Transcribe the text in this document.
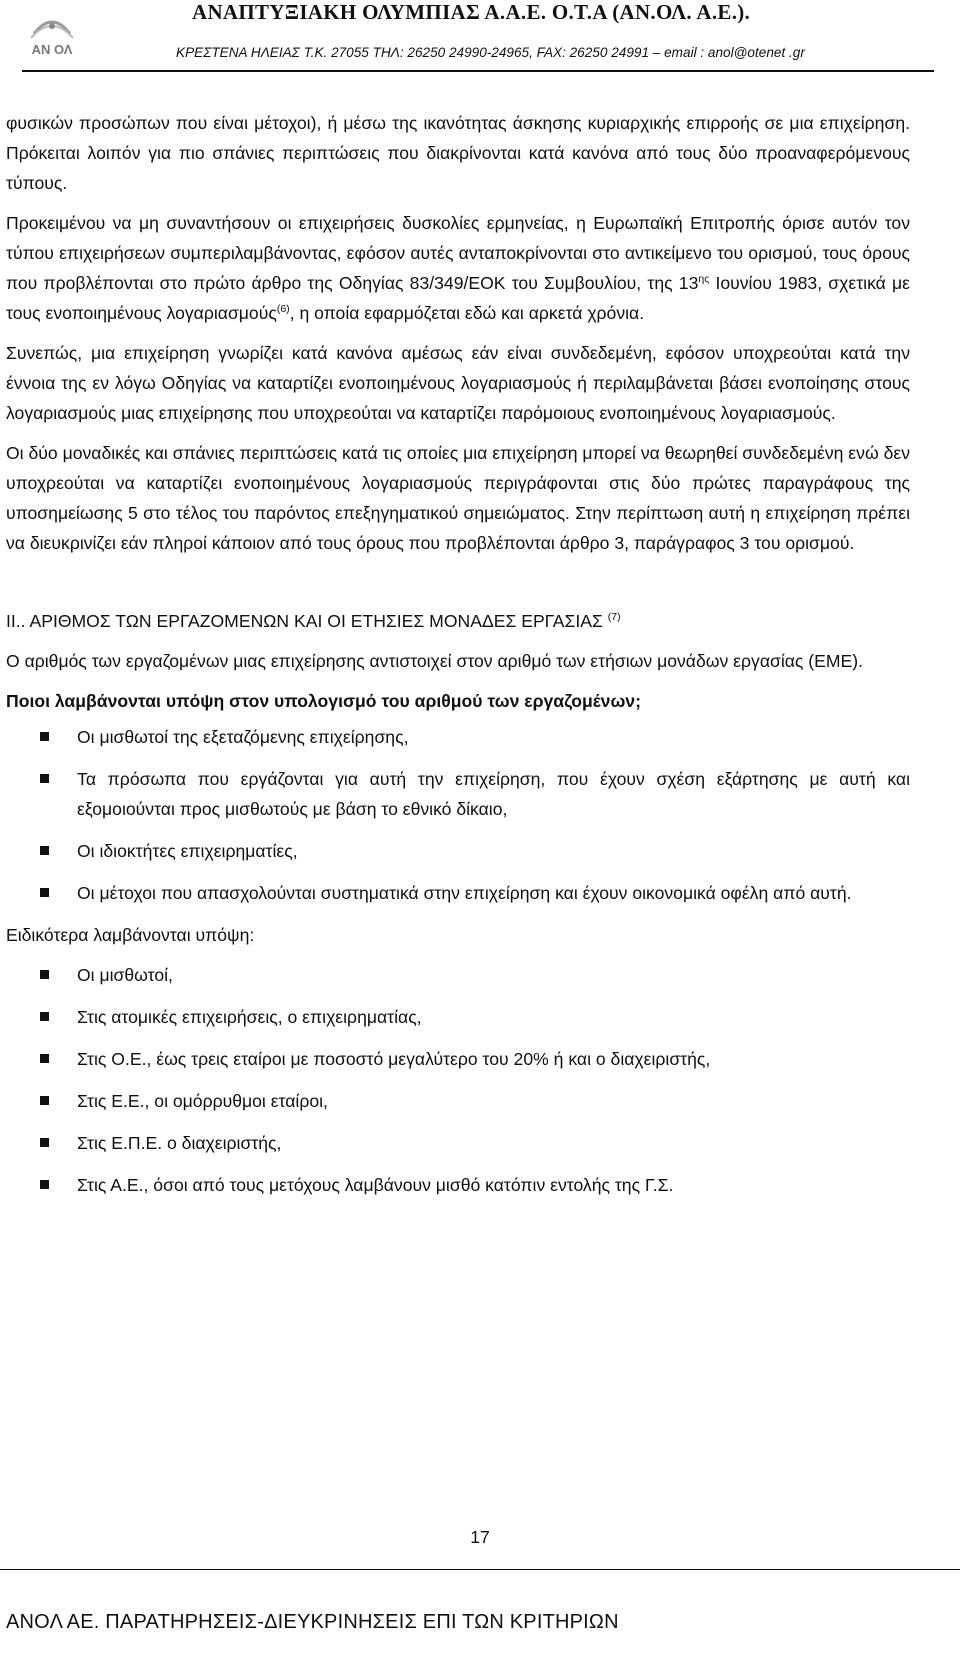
ΑΝ ΟΛ
ΑΝΑΠΤΥΞΙΑΚΗ ΟΛΥΜΠΙΑΣ Α.Α.Ε. Ο.Τ.Α (ΑΝ.ΟΛ. Α.Ε.).
ΚΡΕΣΤΕΝΑ ΗΛΕΙΑΣ Τ.Κ. 27055 ΤΗΛ: 26250 24990-24965, FAX: 26250 24991 – email : anol@otenet .gr

φυσικών προσώπων που είναι μέτοχοι), ή μέσω της ικανότητας άσκησης κυριαρχικής επιρροής σε μια επιχείρηση. Πρόκειται λοιπόν για πιο σπάνιες περιπτώσεις που διακρίνονται κατά κανόνα από τους δύο προαναφερόμενους τύπους.

Προκειμένου να μη συναντήσουν οι επιχειρήσεις δυσκολίες ερμηνείας, η Ευρωπαϊκή Επιτροπής όρισε αυτόν τον τύπου επιχειρήσεων συμπεριλαμβάνοντας, εφόσον αυτές ανταποκρίνονται στο αντικείμενο του ορισμού, τους όρους που προβλέπονται στο πρώτο άρθρο της Οδηγίας 83/349/ΕΟΚ του Συμβουλίου, της $13^{\eta\varsigma}$ Ιουνίου 1983, σχετικά με τους ενοποιημένους λογαριασμούς$^{(6)}$, η οποία εφαρμόζεται εδώ και αρκετά χρόνια.

Συνεπώς, μια επιχείρηση γνωρίζει κατά κανόνα αμέσως εάν είναι συνδεδεμένη, εφόσον υποχρεούται κατά την έννοια της εν λόγω Οδηγίας να καταρτίζει ενοποιημένους λογαριασμούς ή περιλαμβάνεται βάσει ενοποίησης στους λογαριασμούς μιας επιχείρησης που υποχρεούται να καταρτίζει παρόμοιους ενοποιημένους λογαριασμούς.

Οι δύο μοναδικές και σπάνιες περιπτώσεις κατά τις οποίες μια επιχείρηση μπορεί να θεωρηθεί συνδεδεμένη ενώ δεν υποχρεούται να καταρτίζει ενοποιημένους λογαριασμούς περιγράφονται στις δύο πρώτες παραγράφους της υποσημείωσης 5 στο τέλος του παρόντος επεξηγηματικού σημειώματος. Στην περίπτωση αυτή η επιχείρηση πρέπει να διευκρινίζει εάν πληροί κάποιον από τους όρους που προβλέπονται άρθρο 3, παράγραφος 3 του ορισμού.

ΙΙ.. ΑΡΙΘΜΟΣ ΤΩΝ ΕΡΓΑΖΟΜΕΝΩΝ ΚΑΙ ΟΙ ΕΤΗΣΙΕΣ ΜΟΝΑΔΕΣ ΕΡΓΑΣΙΑΣ $^{(7)}$

Ο αριθμός των εργαζομένων μιας επιχείρησης αντιστοιχεί στον αριθμό των ετήσιων μονάδων εργασίας (ΕΜΕ).

Ποιοι λαμβάνονται υπόψη στον υπολογισμό του αριθμού των εργαζομένων;

Οι μισθωτοί της εξεταζόμενης επιχείρησης,
Τα πρόσωπα που εργάζονται για αυτή την επιχείρηση, που έχουν σχέση εξάρτησης με αυτή και εξομοιούνται προς μισθωτούς με βάση το εθνικό δίκαιο,
Οι ιδιοκτήτες επιχειρηματίες,
Οι μέτοχοι που απασχολούνται συστηματικά στην επιχείρηση και έχουν οικονομικά οφέλη από αυτή.

Ειδικότερα λαμβάνονται υπόψη:

Οι μισθωτοί,
Στις ατομικές επιχειρήσεις, ο επιχειρηματίας,
Στις Ο.Ε., έως τρεις εταίροι με ποσοστό μεγαλύτερο του 20% ή και ο διαχειριστής,
Στις Ε.Ε., οι ομόρρυθμοι εταίροι,
Στις Ε.Π.Ε. ο διαχειριστής,
Στις Α.Ε., όσοι από τους μετόχους λαμβάνουν μισθό κατόπιν εντολής της Γ.Σ.
17
ΑΝΟΛ ΑΕ. ΠΑΡΑΤΗΡΗΣΕΙΣ-ΔΙΕΥΚΡΙΝΗΣΕΙΣ ΕΠΙ ΤΩΝ ΚΡΙΤΗΡΙΩΝ
